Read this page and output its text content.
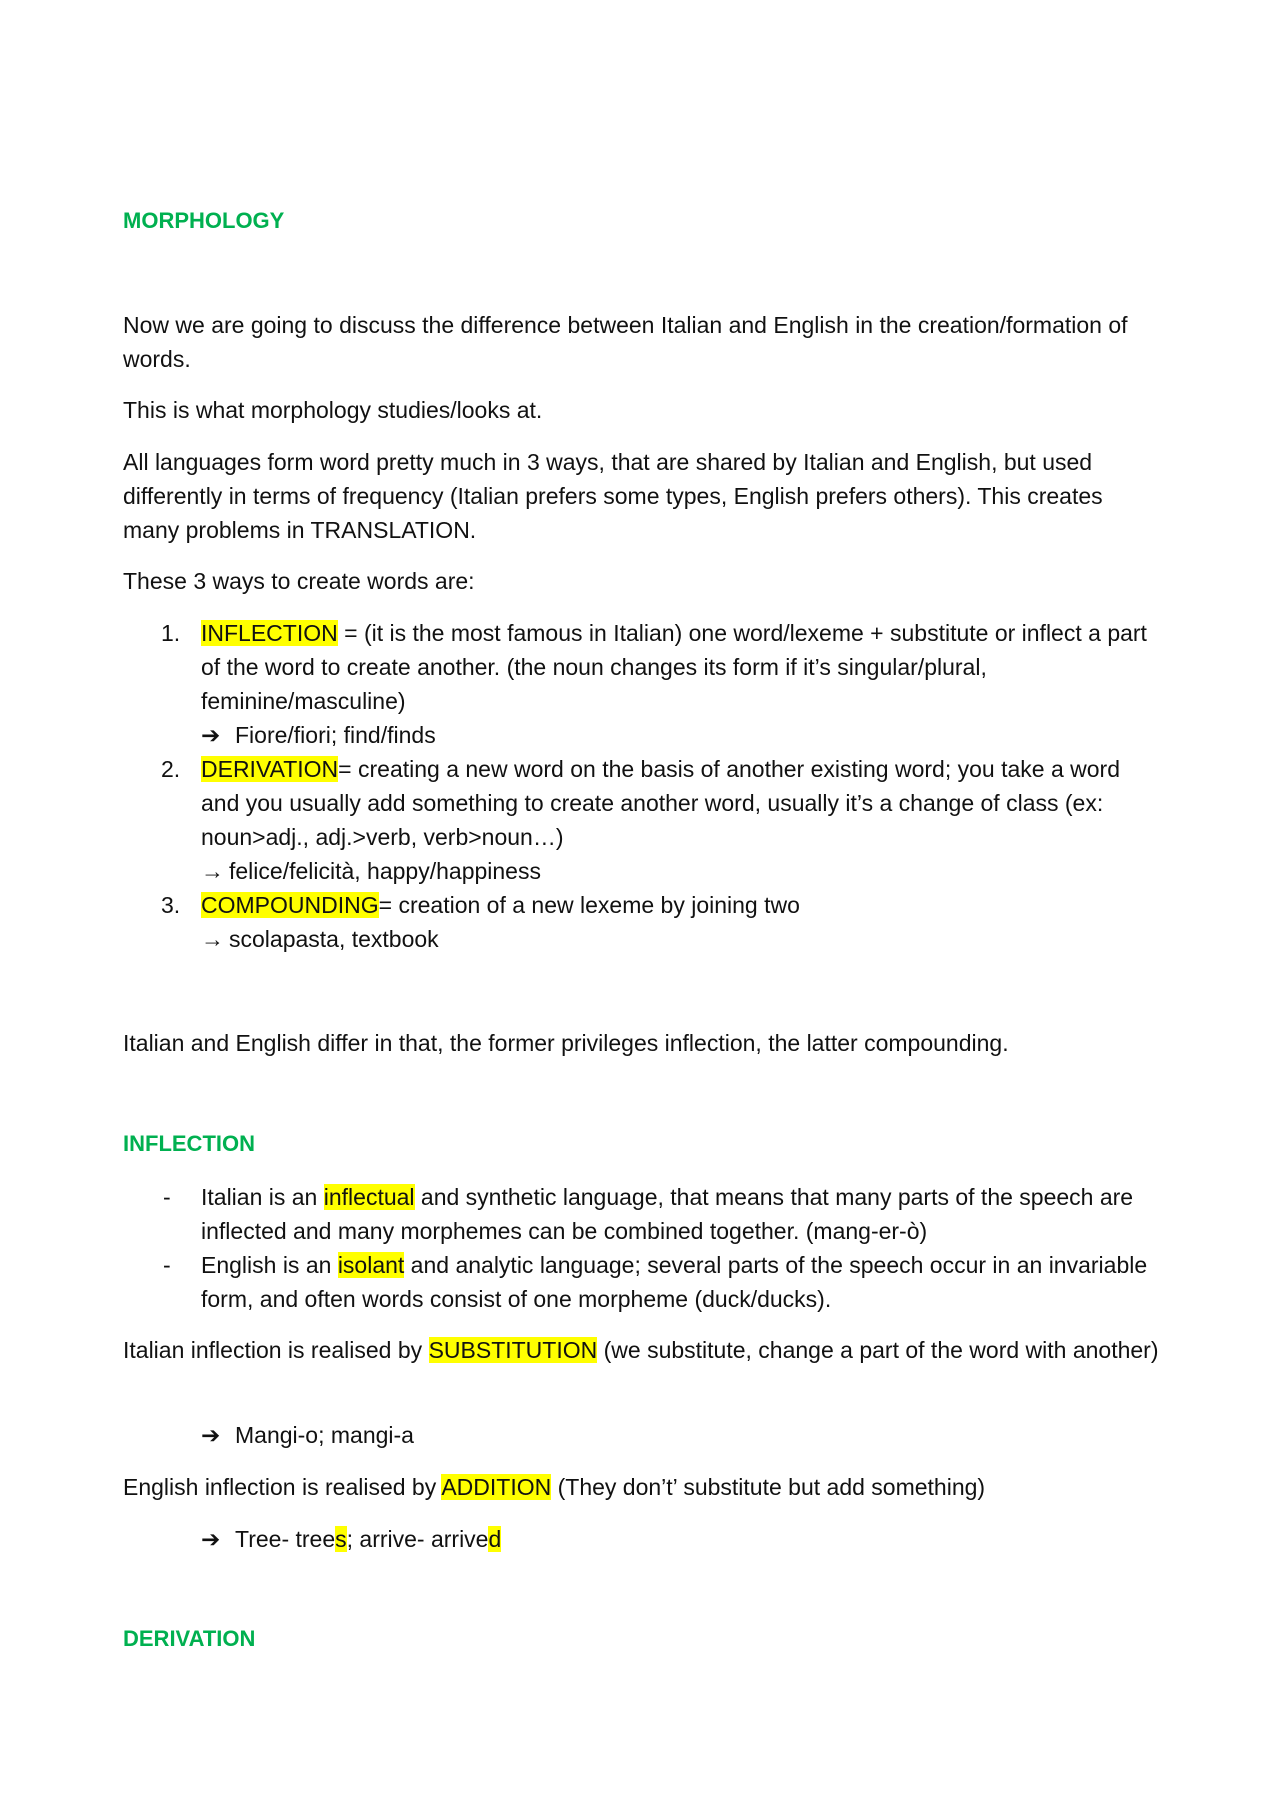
MORPHOLOGY

Now we are going to discuss the difference between Italian and English in the creation/formation of words.

This is what morphology studies/looks at.

All languages form word pretty much in 3 ways, that are shared by Italian and English, but used differently in terms of frequency (Italian prefers some types, English prefers others). This creates many problems in TRANSLATION.

These 3 ways to create words are:

1. INFLECTION = (it is the most famous in Italian) one word/lexeme + substitute or inflect a part of the word to create another. (the noun changes its form if it’s singular/plural, feminine/masculine)
➔ Fiore/fiori; find/finds
2. DERIVATION= creating a new word on the basis of another existing word; you take a word and you usually add something to create another word, usually it’s a change of class (ex: noun>adj., adj.>verb, verb>noun…)
→ felice/felicità, happy/happiness
3. COMPOUNDING= creation of a new lexeme by joining two
→ scolapasta, textbook

Italian and English differ in that, the former privileges inflection, the latter compounding.

INFLECTION
- Italian is an inflectual and synthetic language, that means that many parts of the speech are inflected and many morphemes can be combined together. (mang-er-ò)
- English is an isolant and analytic language; several parts of the speech occur in an invariable form, and often words consist of one morpheme (duck/ducks).

Italian inflection is realised by SUBSTITUTION (we substitute, change a part of the word with another)

➔ Mangi-o; mangi-a

English inflection is realised by ADDITION (They don’t’ substitute but add something)

➔ Tree- trees; arrive- arrived

DERIVATION
